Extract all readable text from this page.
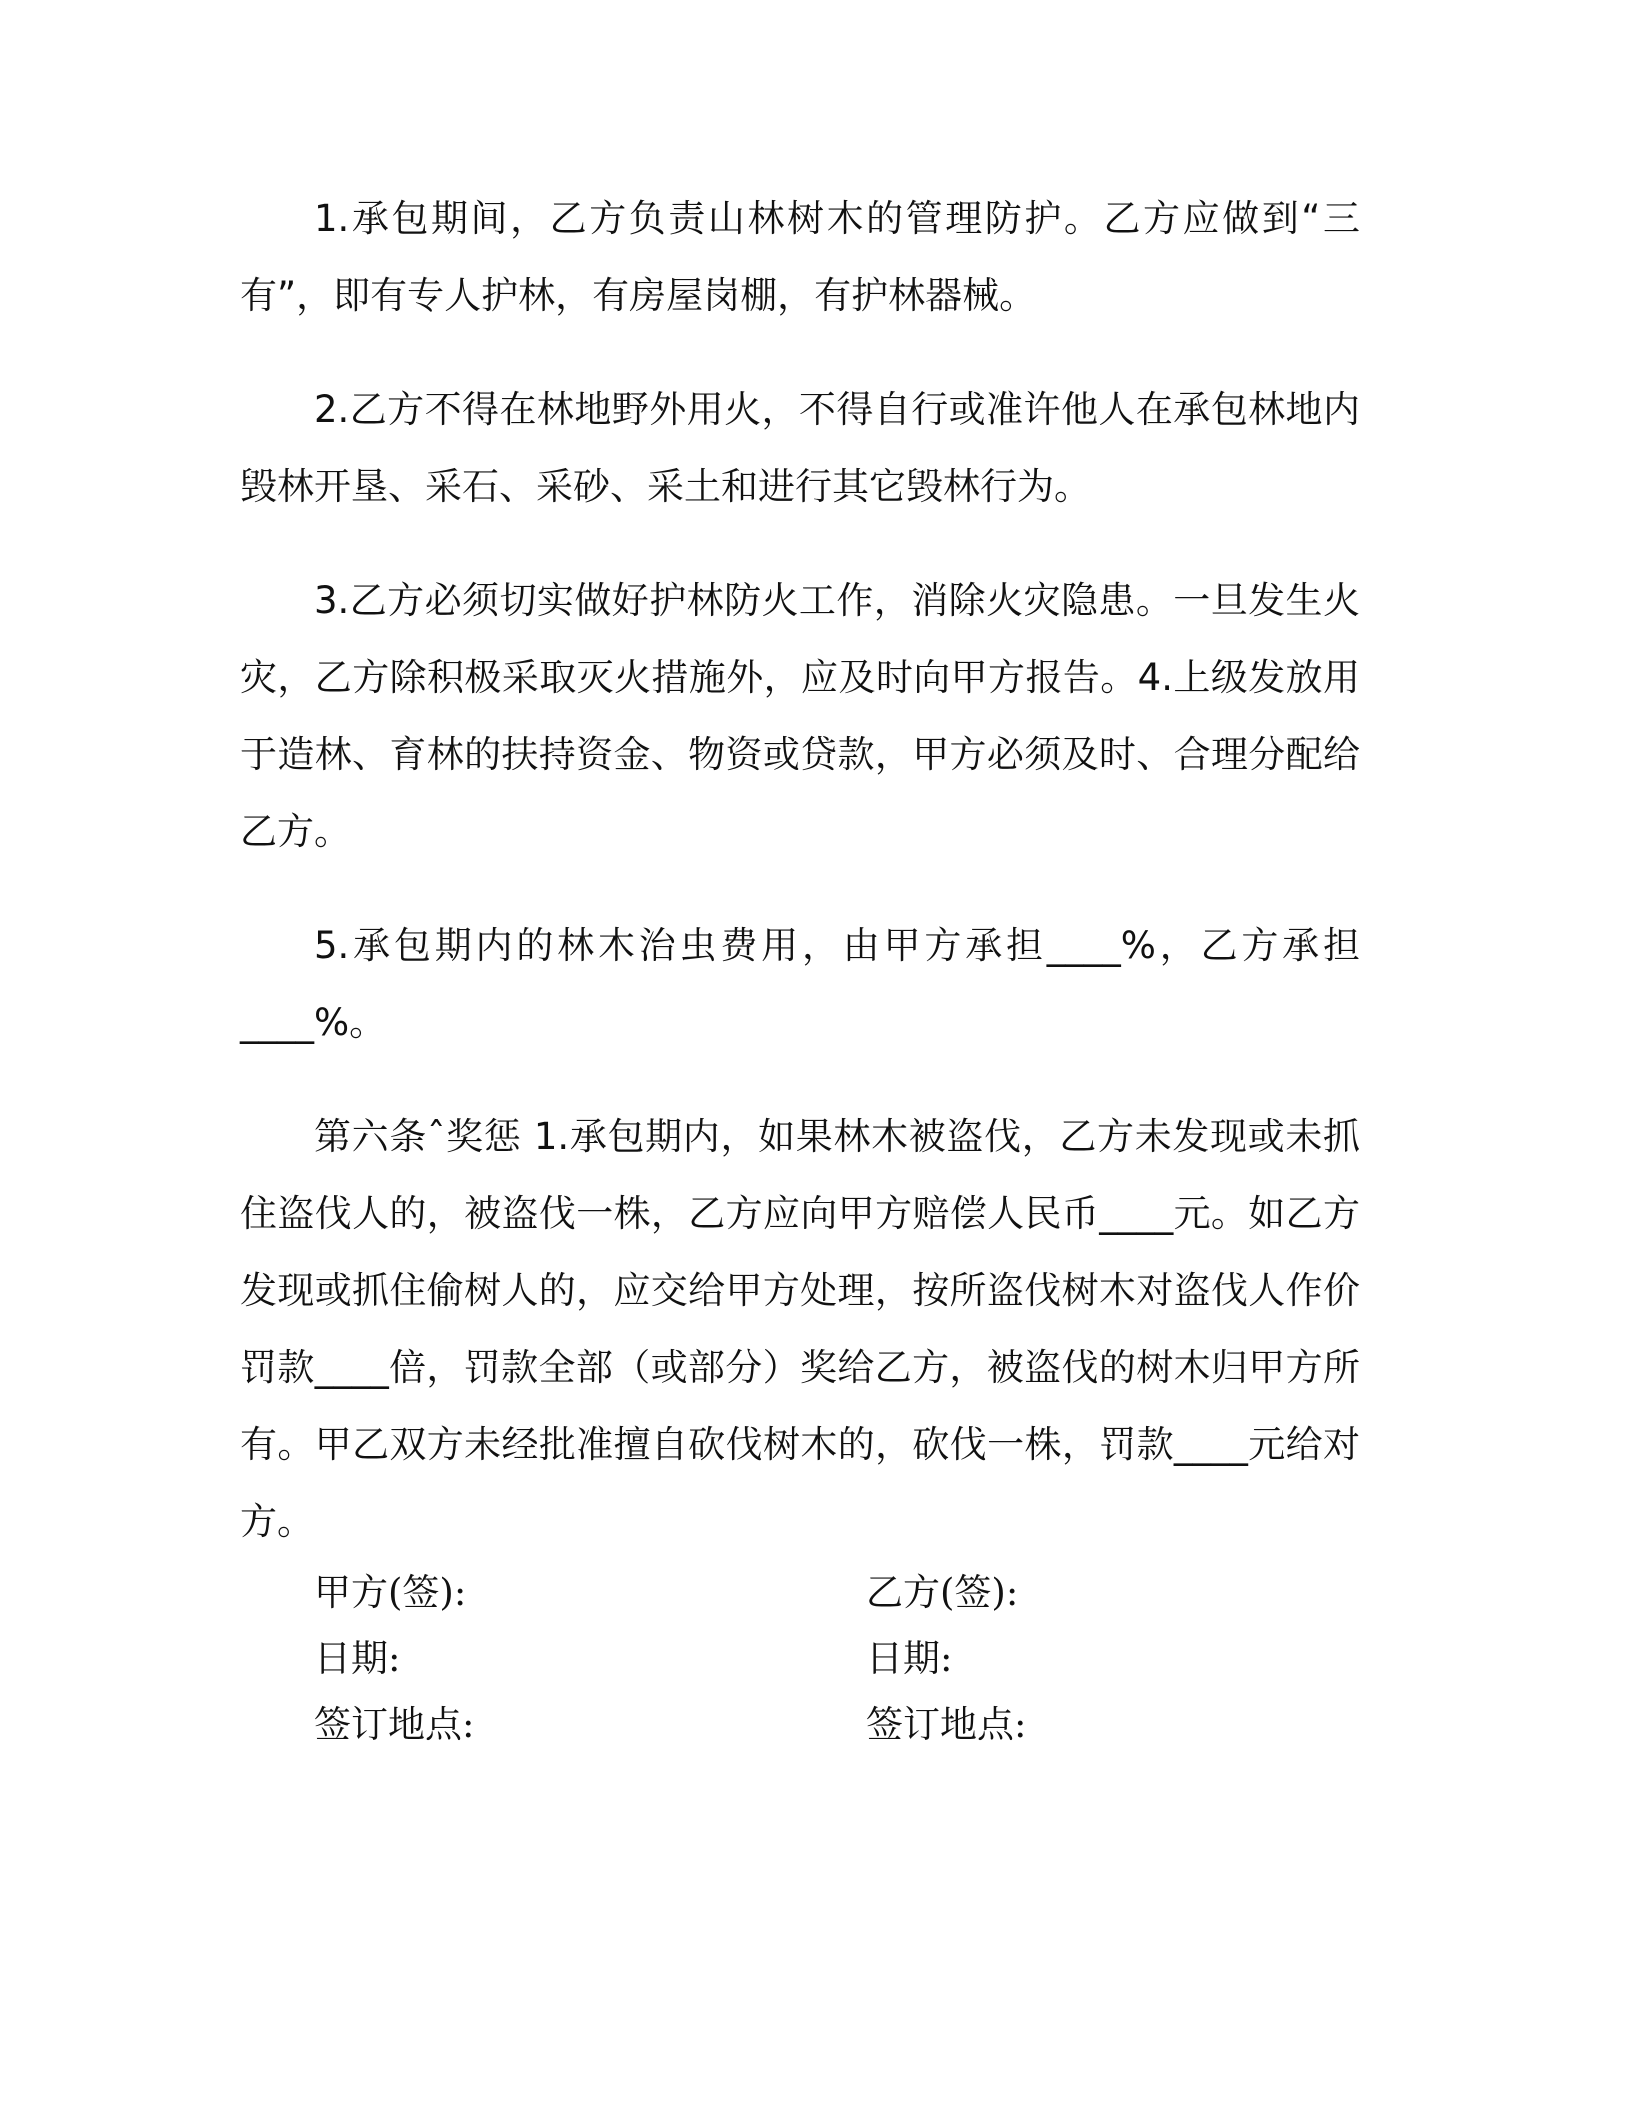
1.承包期间，乙方负责山林树木的管理防护。乙方应做到“三有”，即有专人护林，有房屋岗棚，有护林器械。

2.乙方不得在林地野外用火，不得自行或准许他人在承包林地内毁林开垦、采石、采砂、采土和进行其它毁林行为。

3.乙方必须切实做好护林防火工作，消除火灾隐患。一旦发生火灾，乙方除积极采取灭火措施外，应及时向甲方报告。4.上级发放用于造林、育林的扶持资金、物资或贷款，甲方必须及时、合理分配给乙方。

5.承包期内的林木治虫费用，由甲方承担____%，乙方承担____%。

第六条ˆ奖惩 1.承包期内，如果林木被盗伐，乙方未发现或未抓住盗伐人的，被盗伐一株，乙方应向甲方赔偿人民币____元。如乙方发现或抓住偷树人的，应交给甲方处理，按所盗伐树木对盗伐人作价罚款____倍，罚款全部（或部分）奖给乙方，被盗伐的树木归甲方所有。甲乙双方未经批准擅自砍伐树木的，砍伐一株，罚款____元给对方。

甲方(签):	乙方(签):
日期:	日期:
签订地点:	签订地点:
